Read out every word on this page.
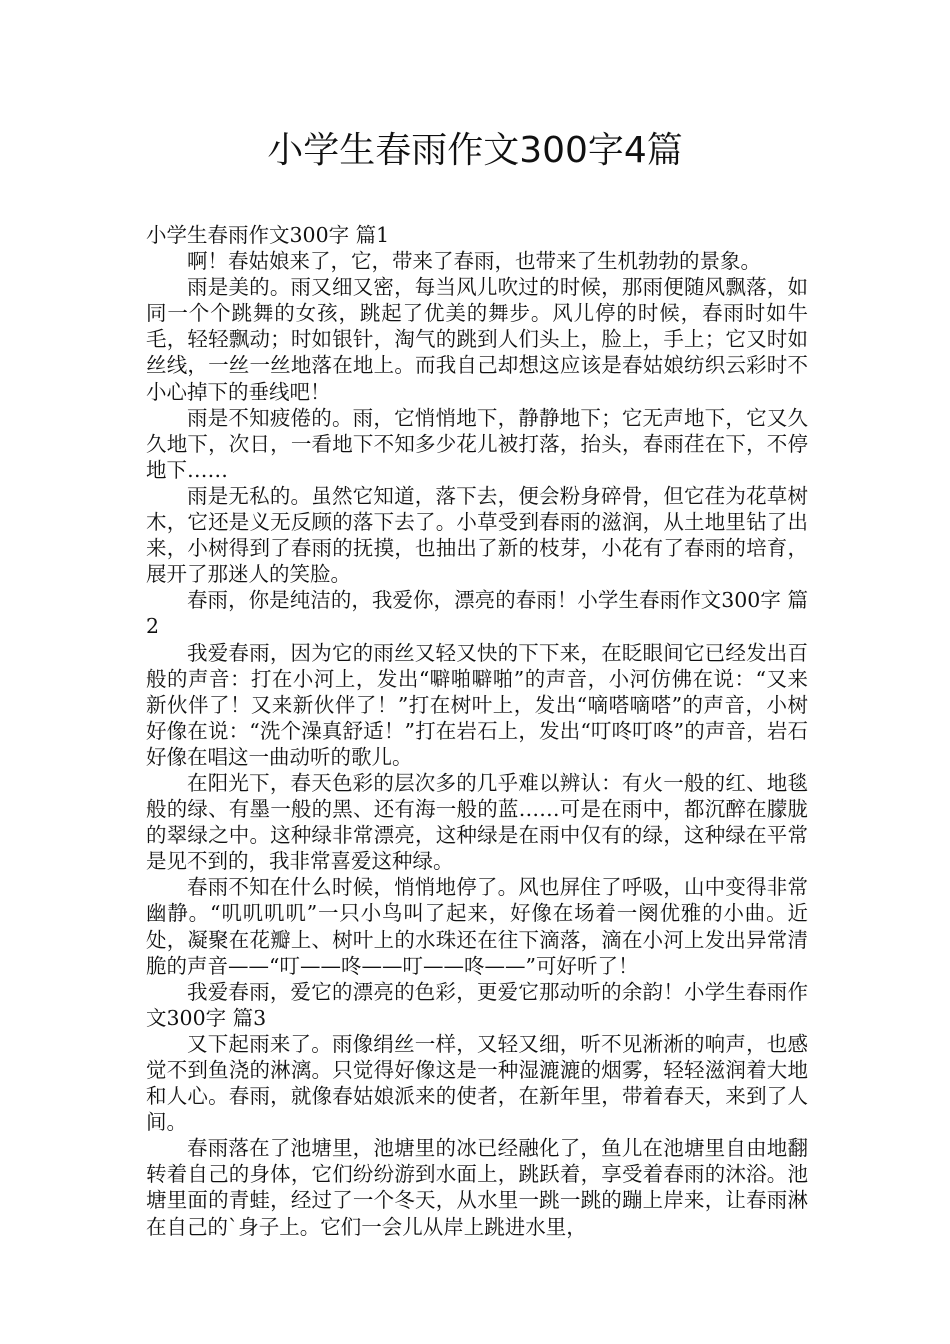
小学生春雨作文300字4篇

小学生春雨作文300字 篇1

啊！春姑娘来了，它，带来了春雨，也带来了生机勃勃的景象。

雨是美的。雨又细又密，每当风儿吹过的时候，那雨便随风飘落，如同一个个跳舞的女孩，跳起了优美的舞步。风儿停的时候，春雨时如牛毛，轻轻飘动；时如银针，淘气的跳到人们头上，脸上，手上；它又时如丝线，一丝一丝地落在地上。而我自己却想这应该是春姑娘纺织云彩时不小心掉下的垂线吧！

雨是不知疲倦的。雨，它悄悄地下，静静地下；它无声地下，它又久久地下，次日，一看地下不知多少花儿被打落，抬头，春雨荏在下，不停地下……

雨是无私的。虽然它知道，落下去，便会粉身碎骨，但它荏为花草树木，它还是义无反顾的落下去了。小草受到春雨的滋润，从土地里钻了出来，小树得到了春雨的抚摸，也抽出了新的枝芽，小花有了春雨的培育，展开了那迷人的笑脸。

春雨，你是纯洁的，我爱你，漂亮的春雨！小学生春雨作文300字 篇2

我爱春雨，因为它的雨丝又轻又快的下下来，在眨眼间它已经发出百般的声音：打在小河上，发出“噼啪噼啪”的声音，小河仿佛在说：“又来新伙伴了！又来新伙伴了！”打在树叶上，发出“嘀嗒嘀嗒”的声音，小树好像在说：“洗个澡真舒适！”打在岩石上，发出“叮咚叮咚”的声音，岩石好像在唱这一曲动听的歌儿。

在阳光下，春天色彩的层次多的几乎难以辨认：有火一般的红、地毯般的绿、有墨一般的黑、还有海一般的蓝……可是在雨中，都沉醉在朦胧的翠绿之中。这种绿非常漂亮，这种绿是在雨中仅有的绿，这种绿在平常是见不到的，我非常喜爱这种绿。

春雨不知在什么时候，悄悄地停了。风也屏住了呼吸，山中变得非常幽静。“叽叽叽叽”一只小鸟叫了起来，好像在场着一阕优雅的小曲。近处，凝聚在花瓣上、树叶上的水珠还在往下滴落，滴在小河上发出异常清脆的声音——“叮——咚——叮——咚——”可好听了！

我爱春雨，爱它的漂亮的色彩，更爱它那动听的余韵！小学生春雨作文300字 篇3

又下起雨来了。雨像绢丝一样，又轻又细，听不见淅淅的响声，也感觉不到鱼浇的淋漓。只觉得好像这是一种湿漉漉的烟雾，轻轻滋润着大地和人心。春雨，就像春姑娘派来的使者，在新年里，带着春天，来到了人间。

春雨落在了池塘里，池塘里的冰已经融化了，鱼儿在池塘里自由地翻转着自己的身体，它们纷纷游到水面上，跳跃着，享受着春雨的沐浴。池塘里面的青蛙，经过了一个冬天，从水里一跳一跳的蹦上岸来，让春雨淋在自己的`身子上。它们一会儿从岸上跳进水里，
